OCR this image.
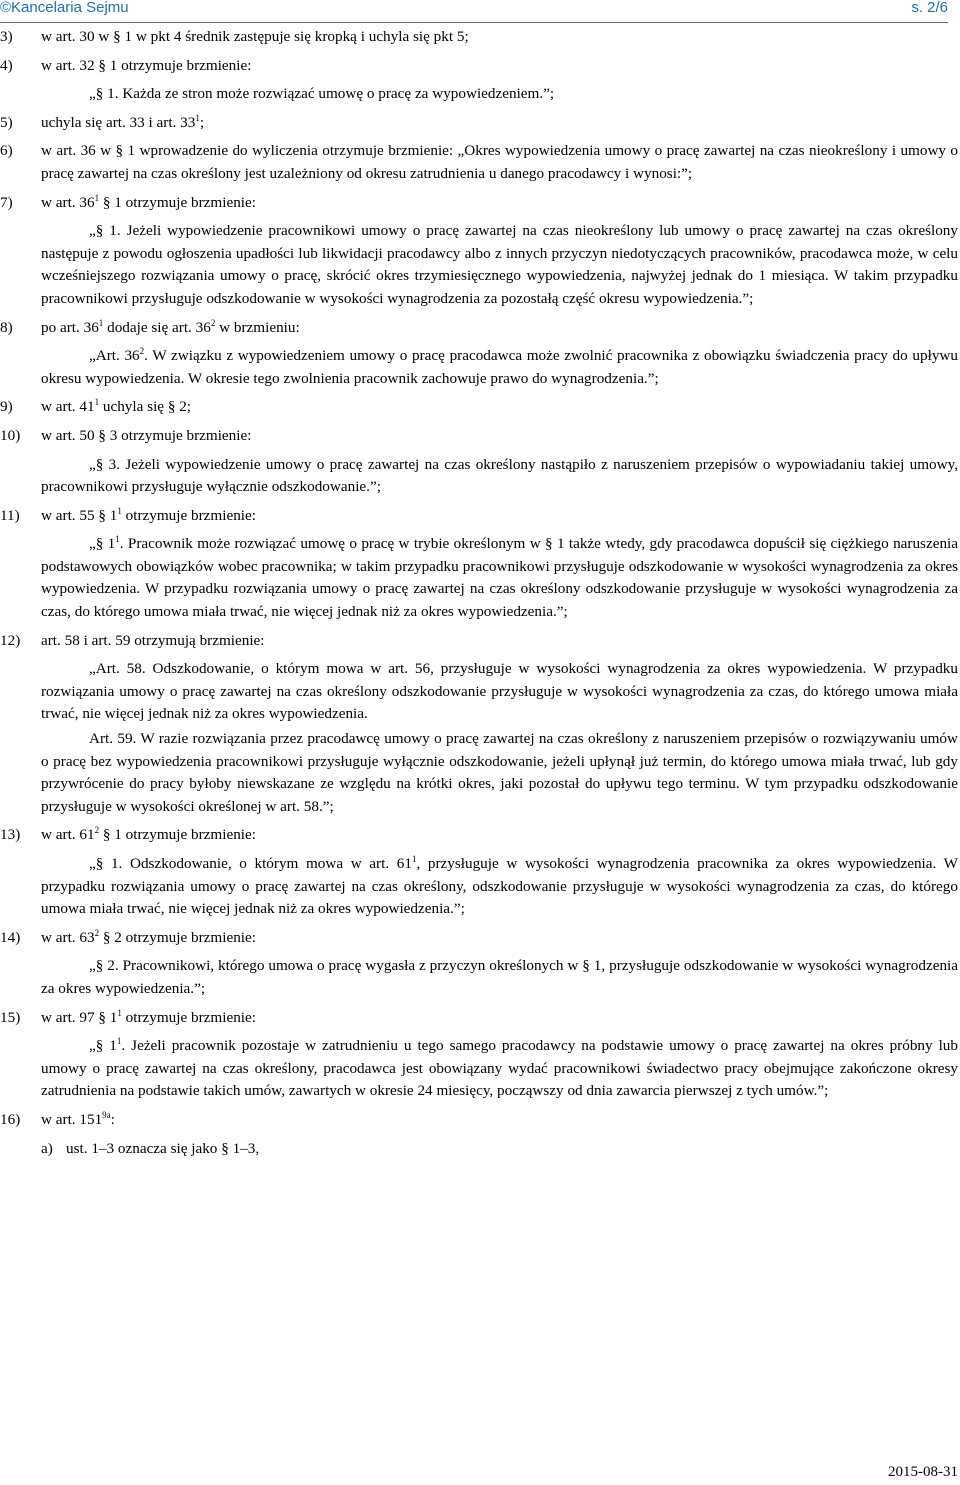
©Kancelaria Sejmu	s. 2/6
3) w art. 30 w § 1 w pkt 4 średnik zastępuje się kropką i uchyla się pkt 5;
4) w art. 32 § 1 otrzymuje brzmienie:
„§ 1. Każda ze stron może rozwiązać umowę o pracę za wypowiedzeniem.”;
5) uchyla się art. 33 i art. $33^1$;
6) w art. 36 w § 1 wprowadzenie do wyliczenia otrzymuje brzmienie: „Okres wypowiedzenia umowy o pracę zawartej na czas nieokreślony i umowy o pracę zawartej na czas określony jest uzależniony od okresu zatrudnienia u danego pracodawcy i wynosi:”;
7) w art. $36^1$ § 1 otrzymuje brzmienie:
„§ 1. Jeżeli wypowiedzenie pracownikowi umowy o pracę zawartej na czas nieokreślony lub umowy o pracę zawartej na czas określony następuje z powodu ogłoszenia upadłości lub likwidacji pracodawcy albo z innych przyczyn niedotyczących pracowników, pracodawca może, w celu wcześniejszego rozwiązania umowy o pracę, skrócić okres trzymiesięcznego wypowiedzenia, najwyżej jednak do 1 miesiąca. W takim przypadku pracownikowi przysługuje odszkodowanie w wysokości wynagrodzenia za pozostałą część okresu wypowiedzenia.”;
8) po art. $36^1$ dodaje się art. $36^2$ w brzmieniu:
„Art. $36^2$. W związku z wypowiedzeniem umowy o pracę pracodawca może zwolnić pracownika z obowiązku świadczenia pracy do upływu okresu wypowiedzenia. W okresie tego zwolnienia pracownik zachowuje prawo do wynagrodzenia.”;
9) w art. $41^1$ uchyla się § 2;
10) w art. 50 § 3 otrzymuje brzmienie:
„§ 3. Jeżeli wypowiedzenie umowy o pracę zawartej na czas określony nastąpiło z naruszeniem przepisów o wypowiadaniu takiej umowy, pracownikowi przysługuje wyłącznie odszkodowanie.”;
11) w art. 55 § $1^1$ otrzymuje brzmienie:
„§ $1^1$. Pracownik może rozwiązać umowę o pracę w trybie określonym w § 1 także wtedy, gdy pracodawca dopuścił się ciężkiego naruszenia podstawowych obowiązków wobec pracownika; w takim przypadku pracownikowi przysługuje odszkodowanie w wysokości wynagrodzenia za okres wypowiedzenia. W przypadku rozwiązania umowy o pracę zawartej na czas określony odszkodowanie przysługuje w wysokości wynagrodzenia za czas, do którego umowa miała trwać, nie więcej jednak niż za okres wypowiedzenia.”;
12) art. 58 i art. 59 otrzymują brzmienie:
„Art. 58. Odszkodowanie, o którym mowa w art. 56, przysługuje w wysokości wynagrodzenia za okres wypowiedzenia. W przypadku rozwiązania umowy o pracę zawartej na czas określony odszkodowanie przysługuje w wysokości wynagrodzenia za czas, do którego umowa miała trwać, nie więcej jednak niż za okres wypowiedzenia.
Art. 59. W razie rozwiązania przez pracodawcę umowy o pracę zawartej na czas określony z naruszeniem przepisów o rozwiązywaniu umów o pracę bez wypowiedzenia pracownikowi przysługuje wyłącznie odszkodowanie, jeżeli upłynął już termin, do którego umowa miała trwać, lub gdy przywrócenie do pracy byłoby niewskazane ze względu na krótki okres, jaki pozostał do upływu tego terminu. W tym przypadku odszkodowanie przysługuje w wysokości określonej w art. 58.”;
13) w art. $61^2$ § 1 otrzymuje brzmienie:
„§ 1. Odszkodowanie, o którym mowa w art. $61^1$, przysługuje w wysokości wynagrodzenia pracownika za okres wypowiedzenia. W przypadku rozwiązania umowy o pracę zawartej na czas określony, odszkodowanie przysługuje w wysokości wynagrodzenia za czas, do którego umowa miała trwać, nie więcej jednak niż za okres wypowiedzenia.”;
14) w art. $63^2$ § 2 otrzymuje brzmienie:
„§ 2. Pracownikowi, którego umowa o pracę wygasła z przyczyn określonych w § 1, przysługuje odszkodowanie w wysokości wynagrodzenia za okres wypowiedzenia.”;
15) w art. 97 § $1^1$ otrzymuje brzmienie:
„§ $1^1$. Jeżeli pracownik pozostaje w zatrudnieniu u tego samego pracodawcy na podstawie umowy o pracę zawartej na okres próbny lub umowy o pracę zawartej na czas określony, pracodawca jest obowiązany wydać pracownikowi świadectwo pracy obejmujące zakończone okresy zatrudnienia na podstawie takich umów, zawartych w okresie 24 miesięcy, począwszy od dnia zawarcia pierwszej z tych umów.”;
16) w art. $151^{9a}$:
a) ust. 1–3 oznacza się jako § 1–3,
2015-08-31
